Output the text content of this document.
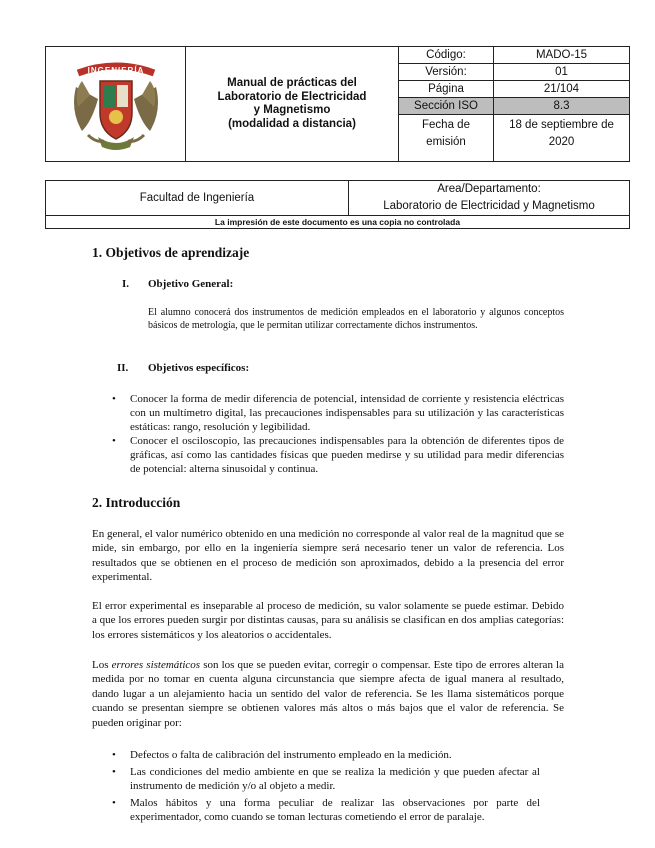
INGENIERÍA	Manual de prácticas del
Laboratorio de Electricidad
y Magnetismo
(modalidad a distancia)	Código:	MADO-15
		Versión:	01
		Página	21/104
		Sección ISO	8.3
		Fecha de
emisión	18 de septiembre de
2020
Facultad de Ingeniería	Area/Departamento:
Laboratorio de Electricidad y Magnetismo
La impresión de este documento es una copia no controlada
1. Objetivos de aprendizaje
I. Objetivo General:
El alumno conocerá dos instrumentos de medición empleados en el laboratorio y algunos conceptos básicos de metrología, que le permitan utilizar correctamente dichos instrumentos.
II. Objetivos específicos:
• Conocer la forma de medir diferencia de potencial, intensidad de corriente y resistencia eléctricas con un multímetro digital, las precauciones indispensables para su utilización y las características estáticas: rango, resolución y legibilidad.
• Conocer el osciloscopio, las precauciones indispensables para la obtención de diferentes tipos de gráficas, así como las cantidades físicas que pueden medirse y su utilidad para medir diferencias de potencial: alterna sinusoidal y continua.
2. Introducción
En general, el valor numérico obtenido en una medición no corresponde al valor real de la magnitud que se mide, sin embargo, por ello en la ingeniería siempre será necesario tener un valor de referencia. Los resultados que se obtienen en el proceso de medición son aproximados, debido a la presencia del error experimental.
El error experimental es inseparable al proceso de medición, su valor solamente se puede estimar. Debido a que los errores pueden surgir por distintas causas, para su análisis se clasifican en dos amplias categorías: los errores sistemáticos y los aleatorios o accidentales.
Los errores sistemáticos son los que se pueden evitar, corregir o compensar. Este tipo de errores alteran la medida por no tomar en cuenta alguna circunstancia que siempre afecta de igual manera al resultado, dando lugar a un alejamiento hacia un sentido del valor de referencia. Se les llama sistemáticos porque cuando se presentan siempre se obtienen valores más altos o más bajos que el valor de referencia. Se pueden originar por:
• Defectos o falta de calibración del instrumento empleado en la medición.
• Las condiciones del medio ambiente en que se realiza la medición y que pueden afectar al instrumento de medición y/o al objeto a medir.
• Malos hábitos y una forma peculiar de realizar las observaciones por parte del experimentador, como cuando se toman lecturas cometiendo el error de paralaje.
